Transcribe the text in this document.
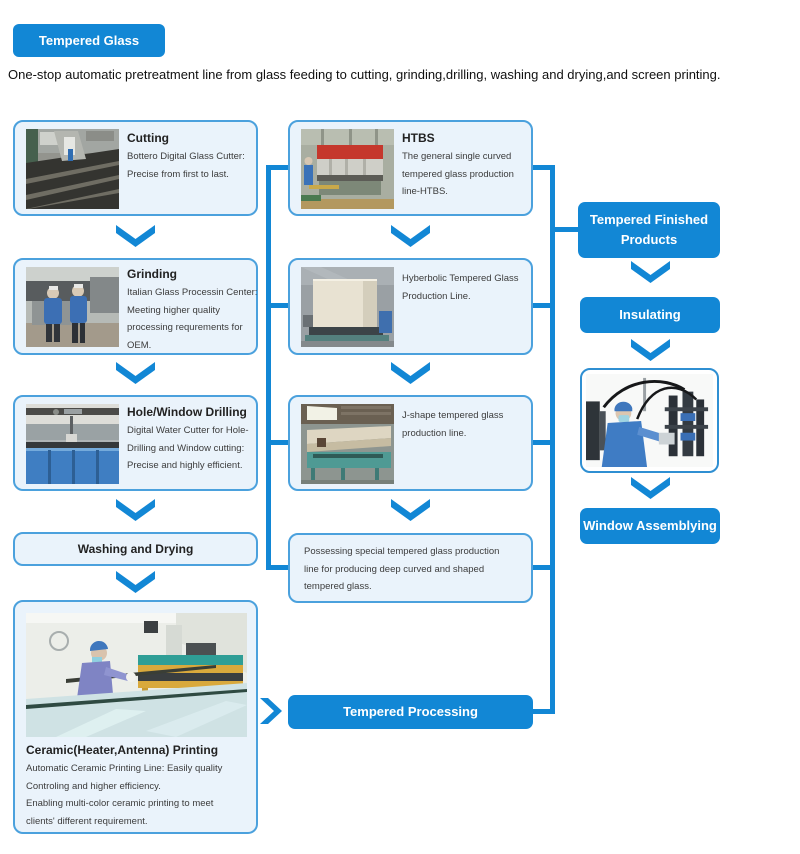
Tempered Glass
One-stop automatic pretreatment line from glass feeding to cutting, grinding,drilling, washing and drying,and screen printing.
Cutting
Bottero Digital Glass Cutter:
Precise from first to last.
Grinding
Italian Glass Processin Center:
Meeting higher quality
processing requrements for
OEM.
Hole/Window Drilling
Digital Water Cutter for Hole-
Drilling and Window cutting:
Precise and highly efficient.
Washing and Drying
Ceramic(Heater,Antenna) Printing
Automatic Ceramic Printing Line: Easily quality
Controling and higher efficiency.
Enabling multi-color ceramic printing to meet
clients' different requirement.
HTBS
The general single curved
tempered glass production
line-HTBS.
Hyberbolic Tempered Glass
Production Line.
J-shape tempered glass
production line.
Possessing special tempered glass production
line for producing deep curved and shaped
tempered glass.
Tempered Processing
Tempered Finished
Products
Insulating
Window Assemblying
